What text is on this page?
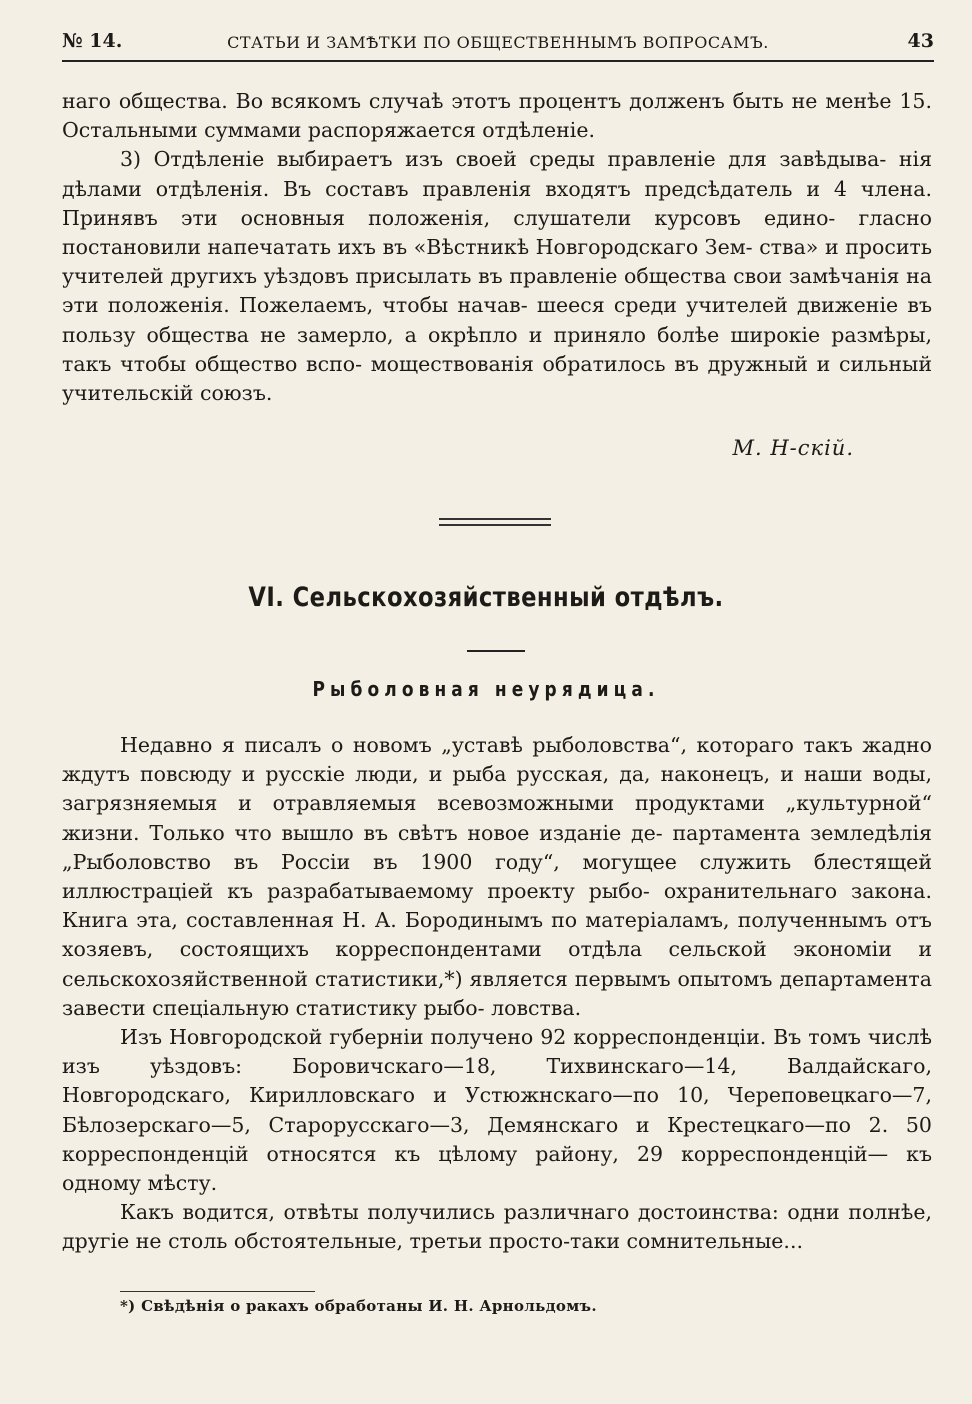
№ 14.	СТАТЬИ И ЗАМѢТКИ ПО ОБЩЕСТВЕННЫМЪ ВОПРОСАМЪ.	43

наго общества. Во всякомъ случаѣ этотъ процентъ долженъ быть не менѣе 15. Остальными суммами распоряжается отдѣленіе.

3) Отдѣленіе выбираетъ изъ своей среды правленіе для завѣдыва- нія дѣлами отдѣленія. Въ составъ правленія входятъ предсѣдатель и 4 члена. Принявъ эти основныя положенія, слушатели курсовъ едино- гласно постановили напечатать ихъ въ «Вѣстникѣ Новгородскаго Зем- ства» и просить учителей другихъ уѣздовъ присылать въ правленіе общества свои замѣчанія на эти положенія. Пожелаемъ, чтобы начав- шееся среди учителей движеніе въ пользу общества не замерло, а окрѣпло и приняло болѣе широкіе размѣры, такъ чтобы общество вспо- моществованія обратилось въ дружный и сильный учительскій союзъ.

М. Н-скій.
VI. Сельскохозяйственный отдѣлъ.
Рыболовная неурядица.

Недавно я писалъ о новомъ „уставѣ рыболовства“, котораго такъ жадно ждутъ повсюду и русскіе люди, и рыба русская, да, наконецъ, и наши воды, загрязняемыя и отравляемыя всевозможными продуктами „культурной“ жизни. Только что вышло въ свѣтъ новое изданіе де- партамента земледѣлія „Рыболовство въ Россіи въ 1900 году“, могущее служить блестящей иллюстраціей къ разрабатываемому проекту рыбо- охранительнаго закона. Книга эта, составленная Н. А. Бородинымъ по матеріаламъ, полученнымъ отъ хозяевъ, состоящихъ корреспондентами отдѣла сельской экономіи и сельскохозяйственной статистики,*) является первымъ опытомъ департамента завести спеціальную статистику рыбо- ловства.

Изъ Новгородской губерніи получено 92 корреспонденціи. Въ томъ числѣ изъ уѣздовъ: Боровичскаго—18, Тихвинскаго—14, Валдайскаго, Новгородскаго, Кирилловскаго и Устюжнскаго—по 10, Череповецкаго—7, Бѣлозерскаго—5, Старорусскаго—3, Демянскаго и Крестецкаго—по 2. 50 корреспонденцій относятся къ цѣлому району, 29 корреспонденцій— къ одному мѣсту.

Какъ водится, отвѣты получились различнаго достоинства: одни полнѣе, другіе не столь обстоятельные, третьи просто-таки сомнительные...

*) Свѣдѣнія о ракахъ обработаны И. Н. Арнольдомъ.
